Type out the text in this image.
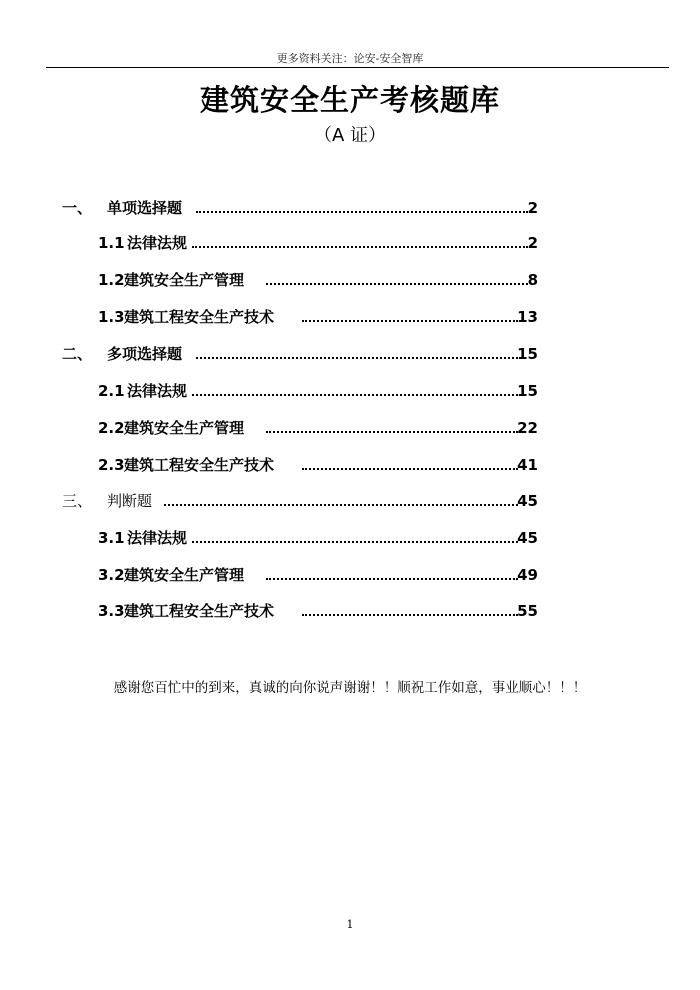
更多资料关注：论安-安全智库
建筑安全生产考核题库
（A 证）
一、 单项选择题	2
1.1 法律法规	2
1.2 建筑安全生产管理	8
1.3 建筑工程安全生产技术	13
二、 多项选择题	15
2.1 法律法规	15
2.2 建筑安全生产管理	22
2.3 建筑工程安全生产技术	41
三、 判断题	45
3.1 法律法规	45
3.2 建筑安全生产管理	49
3.3 建筑工程安全生产技术	55
感谢您百忙中的到来，真诚的向你说声谢谢！！顺祝工作如意，事业顺心！！！
1
